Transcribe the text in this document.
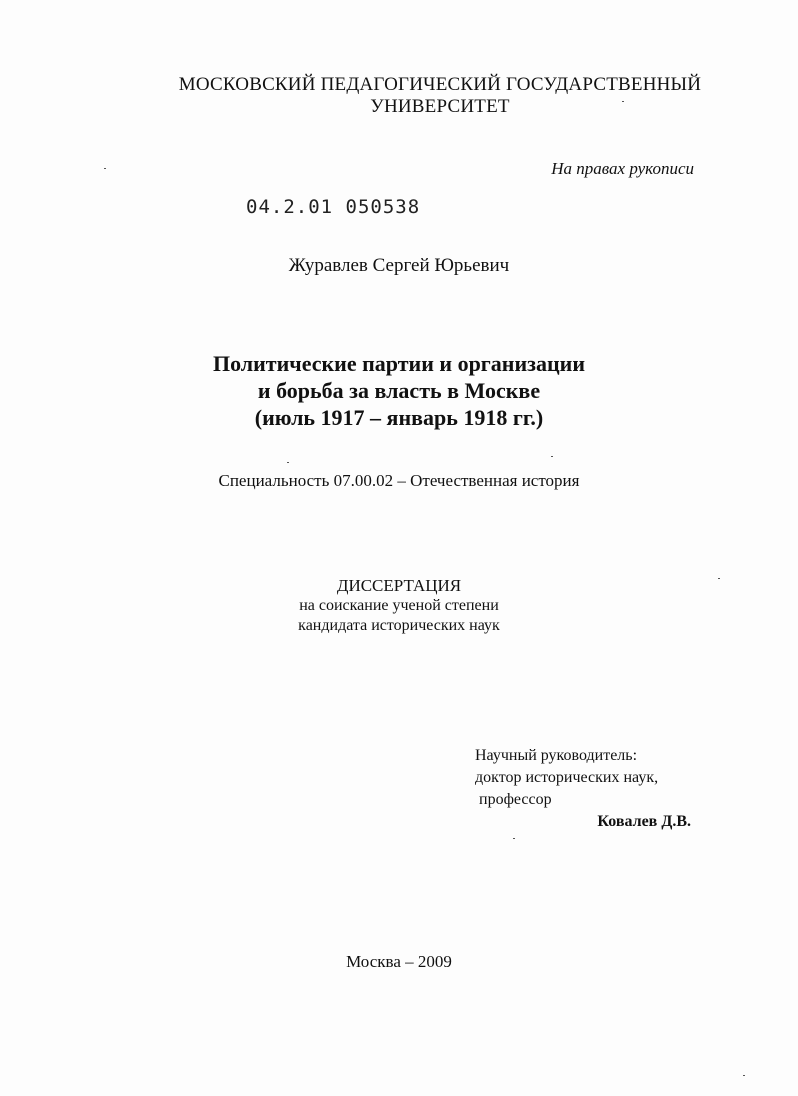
МОСКОВСКИЙ ПЕДАГОГИЧЕСКИЙ ГОСУДАРСТВЕННЫЙ
УНИВЕРСИТЕТ
На правах рукописи
04.2.01 050538
Журавлев Сергей Юрьевич
Политические партии и организации
и борьба за власть в Москве
(июль 1917 – январь 1918 гг.)
Специальность 07.00.02 – Отечественная история
ДИССЕРТАЦИЯ
на соискание ученой степени
кандидата исторических наук
Научный руководитель:
доктор исторических наук,
профессор
Ковалев Д.В.
Москва – 2009
